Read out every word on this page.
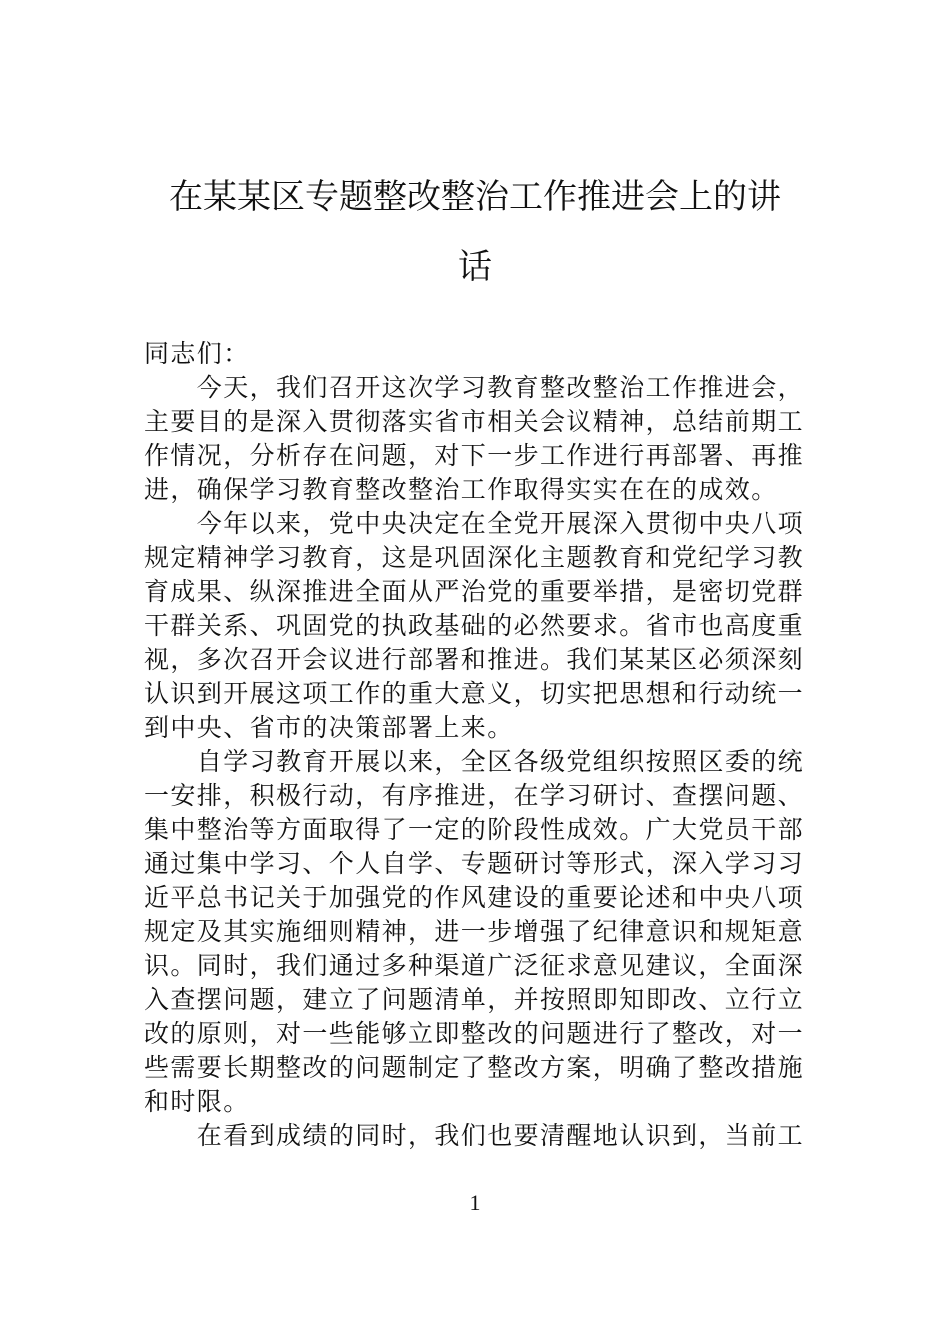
在某某区专题整改整治工作推进会上的讲
话
同志们：
　　今天，我们召开这次学习教育整改整治工作推进会，
主要目的是深入贯彻落实省市相关会议精神，总结前期工
作情况，分析存在问题，对下一步工作进行再部署、再推
进，确保学习教育整改整治工作取得实实在在的成效。
　　今年以来，党中央决定在全党开展深入贯彻中央八项
规定精神学习教育，这是巩固深化主题教育和党纪学习教
育成果、纵深推进全面从严治党的重要举措，是密切党群
干群关系、巩固党的执政基础的必然要求。省市也高度重
视，多次召开会议进行部署和推进。我们某某区必须深刻
认识到开展这项工作的重大意义，切实把思想和行动统一
到中央、省市的决策部署上来。
　　自学习教育开展以来，全区各级党组织按照区委的统
一安排，积极行动，有序推进，在学习研讨、查摆问题、
集中整治等方面取得了一定的阶段性成效。广大党员干部
通过集中学习、个人自学、专题研讨等形式，深入学习习
近平总书记关于加强党的作风建设的重要论述和中央八项
规定及其实施细则精神，进一步增强了纪律意识和规矩意
识。同时，我们通过多种渠道广泛征求意见建议，全面深
入查摆问题，建立了问题清单，并按照即知即改、立行立
改的原则，对一些能够立即整改的问题进行了整改，对一
些需要长期整改的问题制定了整改方案，明确了整改措施
和时限。
　　在看到成绩的同时，我们也要清醒地认识到，当前工
1
